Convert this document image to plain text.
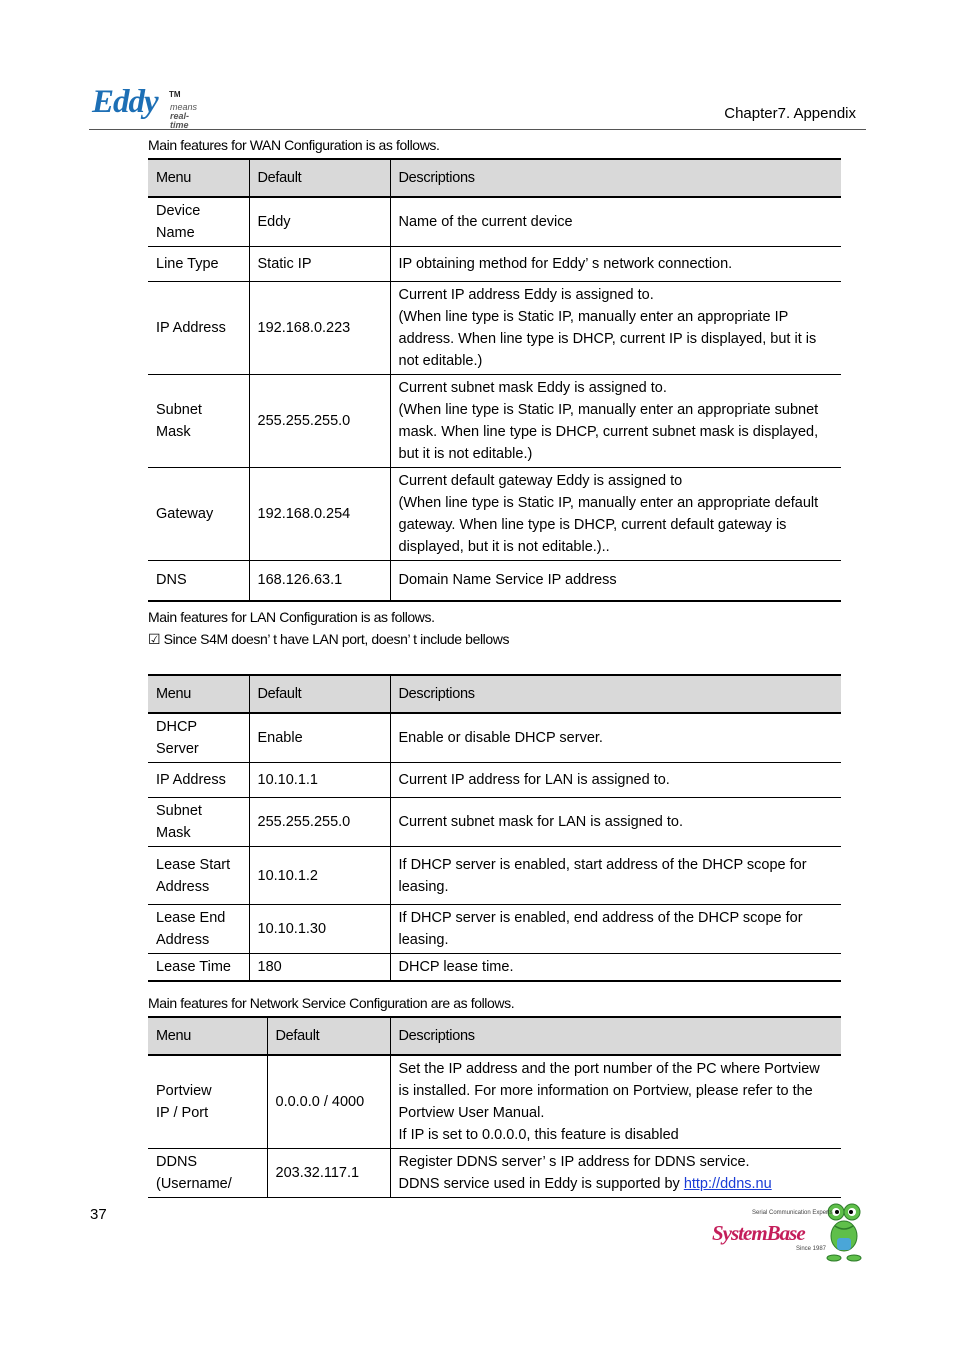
Eddy TM
means
real-time
Chapter7. Appendix
Main features for WAN Configuration is as follows.
Menu	Default	Descriptions
Device
Name	Eddy	Name of the current device
Line Type	Static IP	IP obtaining method for Eddy’ s network connection.
IP Address	192.168.0.223	Current IP address Eddy is assigned to.
(When line type is Static IP, manually enter an appropriate IP
address. When line type is DHCP, current IP is displayed, but it is
not editable.)
Subnet
Mask	255.255.255.0	Current subnet mask Eddy is assigned to.
(When line type is Static IP, manually enter an appropriate subnet
mask. When line type is DHCP, current subnet mask is displayed,
but it is not editable.)
Gateway	192.168.0.254	Current default gateway Eddy is assigned to
(When line type is Static IP, manually enter an appropriate default
gateway. When line type is DHCP, current default gateway is
displayed, but it is not editable.)..
DNS	168.126.63.1	Domain Name Service IP address
Main features for LAN Configuration is as follows.
☑ Since S4M doesn’ t have LAN port, doesn’ t include bellows
Menu	Default	Descriptions
DHCP
Server	Enable	Enable or disable DHCP server.
IP Address	10.10.1.1	Current IP address for LAN is assigned to.
Subnet
Mask	255.255.255.0	Current subnet mask for LAN is assigned to.
Lease Start
Address	10.10.1.2	If DHCP server is enabled, start address of the DHCP scope for
leasing.
Lease End
Address	10.10.1.30	If DHCP server is enabled, end address of the DHCP scope for
leasing.
Lease Time	180	DHCP lease time.
Main features for Network Service Configuration are as follows.
Menu	Default	Descriptions
Portview
IP / Port	0.0.0.0 / 4000	Set the IP address and the port number of the PC where Portview
is installed. For more information on Portview, please refer to the
Portview User Manual.
If IP is set to 0.0.0.0, this feature is disabled
DDNS
(Username/	203.32.117.1	Register DDNS server’ s IP address for DDNS service.
DDNS service used in Eddy is supported by http://ddns.nu
37	Serial Communication Experts
SystemBase
Since 1987
